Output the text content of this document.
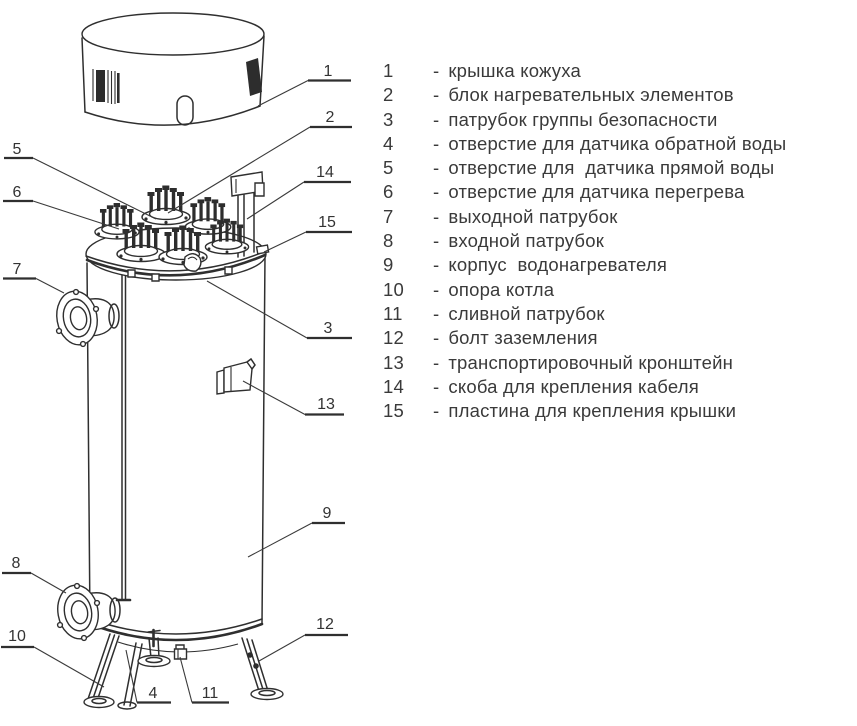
1
2
14
15
3
13
9
12
5
6
7
8
10
4	11
1	- крышка кожуха
2	- блок нагревательных элементов
3	- патрубок группы безопасности
4	- отверстие для датчика обратной воды
5	- отверстие для  датчика прямой воды
6	- отверстие для датчика перегрева
7	- выходной патрубок
8	- входной патрубок
9	- корпус  водонагревателя
10	- опора котла
11	- сливной патрубок
12	- болт заземления
13	- транспортировочный кронштейн
14	- скоба для крепления кабеля
15	- пластина для крепления крышки
